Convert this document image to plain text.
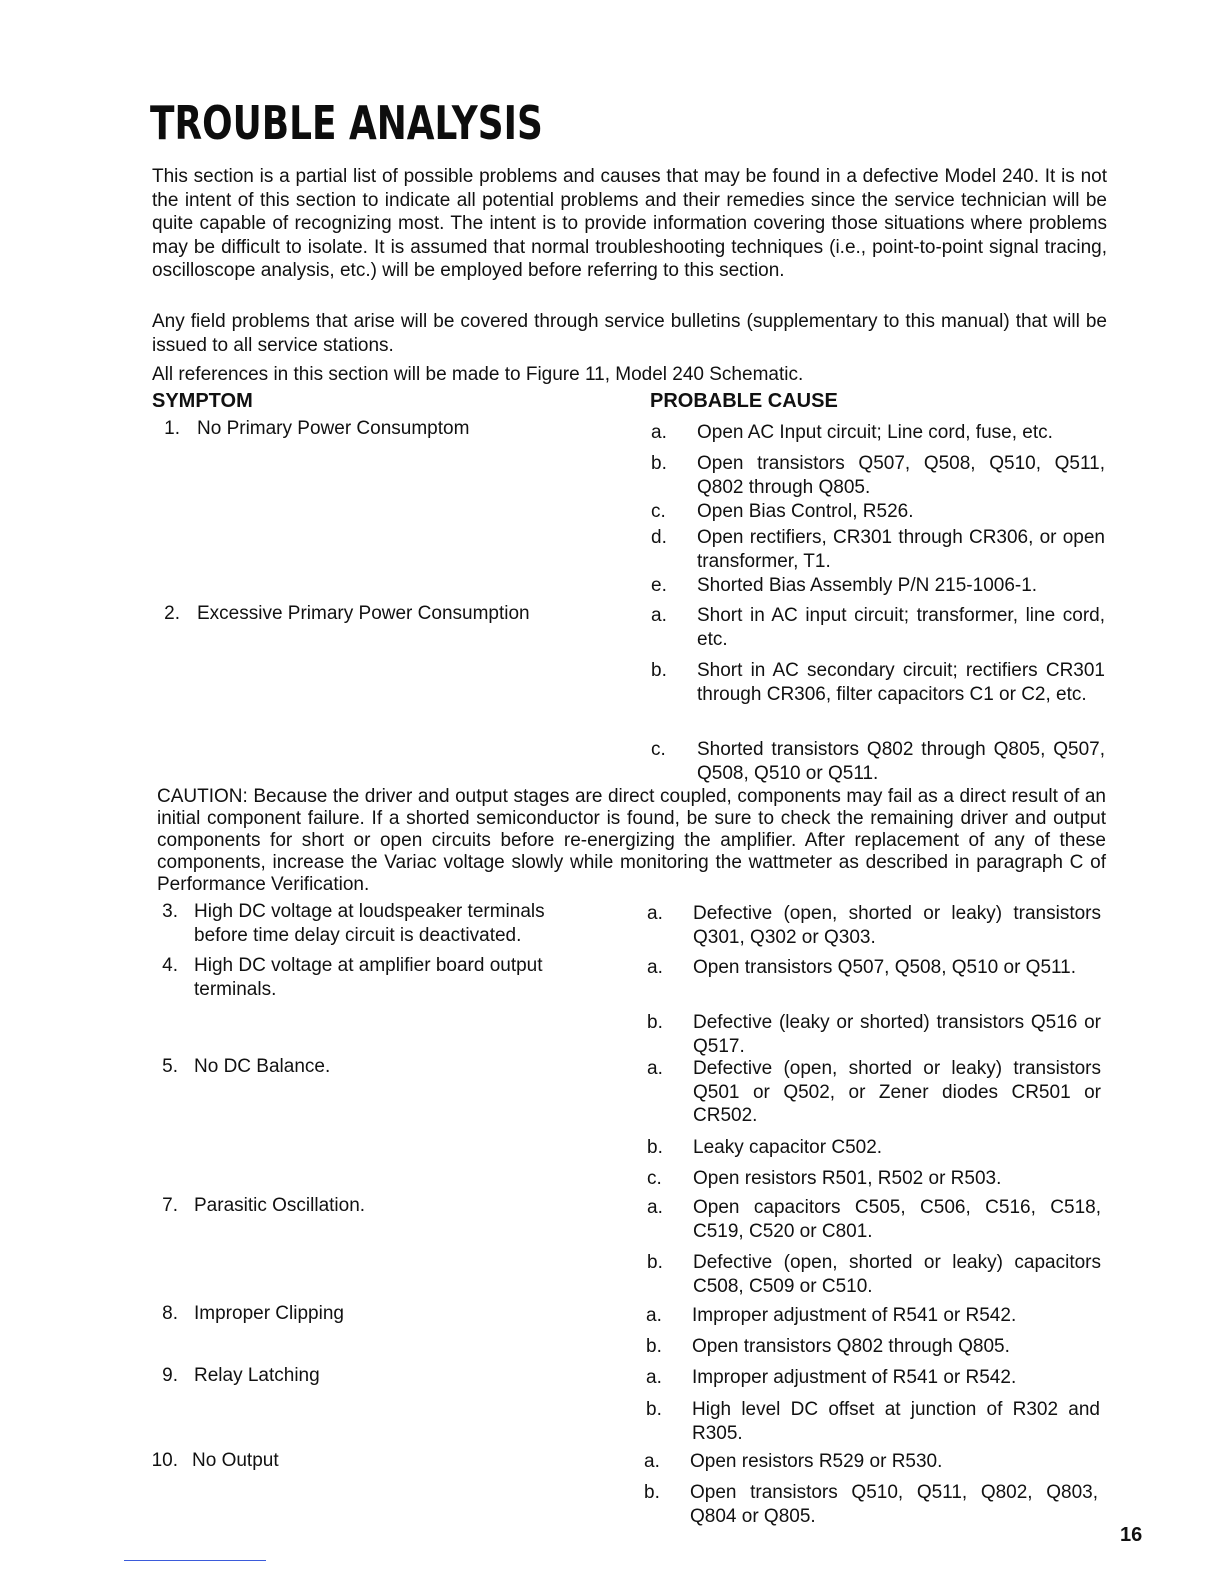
TROUBLE ANALYSIS

This section is a partial list of possible problems and causes that may be found in a defective Model 240. It is not the intent of this section to indicate all potential problems and their remedies since the service technician will be quite capable of recognizing most. The intent is to provide information covering those situations where problems may be difficult to isolate. It is assumed that normal troubleshooting techniques (i.e., point-to-point signal tracing, oscilloscope analysis, etc.) will be employed before referring to this section.

Any field problems that arise will be covered through service bulletins (supplementary to this manual) that will be issued to all service stations.

All references in this section will be made to Figure 11, Model 240 Schematic.

SYMPTOM	PROBABLE CAUSE

1. No Primary Power Consumptom	a.	Open AC Input circuit; Line cord, fuse, etc.
b.	Open transistors Q507, Q508, Q510, Q511, Q802 through Q805.
c.	Open Bias Control, R526.
d.	Open rectifiers, CR301 through CR306, or open transformer, T1.
e.	Shorted Bias Assembly P/N 215-1006-1.
2. Excessive Primary Power Consumption	a.	Short in AC input circuit; transformer, line cord, etc.
b.	Short in AC secondary circuit; rectifiers CR301 through CR306, filter capacitors C1 or C2, etc.
c.	Shorted transistors Q802 through Q805, Q507, Q508, Q510 or Q511.

CAUTION: Because the driver and output stages are direct coupled, components may fail as a direct result of an initial component failure. If a shorted semiconductor is found, be sure to check the remaining driver and output components for short or open circuits before re-energizing the amplifier. After replacement of any of these components, increase the Variac voltage slowly while monitoring the wattmeter as described in paragraph C of Performance Verification.

3. High DC voltage at loudspeaker terminals before time delay circuit is deactivated.
a.	Defective (open, shorted or leaky) transistors Q301, Q302 or Q303.
4. High DC voltage at amplifier board output terminals.
a.	Open transistors Q507, Q508, Q510 or Q511.
b.	Defective (leaky or shorted) transistors Q516 or Q517.
5. No DC Balance.	a.	Defective (open, shorted or leaky) transistors Q501 or Q502, or Zener diodes CR501 or CR502.
b.	Leaky capacitor C502.
c.	Open resistors R501, R502 or R503.
7. Parasitic Oscillation.	a.	Open capacitors C505, C506, C516, C518, C519, C520 or C801.
b.	Defective (open, shorted or leaky) capacitors C508, C509 or C510.
8. Improper Clipping	a.	Improper adjustment of R541 or R542.
b.	Open transistors Q802 through Q805.
9. Relay Latching	a.	Improper adjustment of R541 or R542.
b.	High level DC offset at junction of R302 and R305.
10. No Output	a.	Open resistors R529 or R530.
b.	Open transistors Q510, Q511, Q802, Q803, Q804 or Q805.
16
